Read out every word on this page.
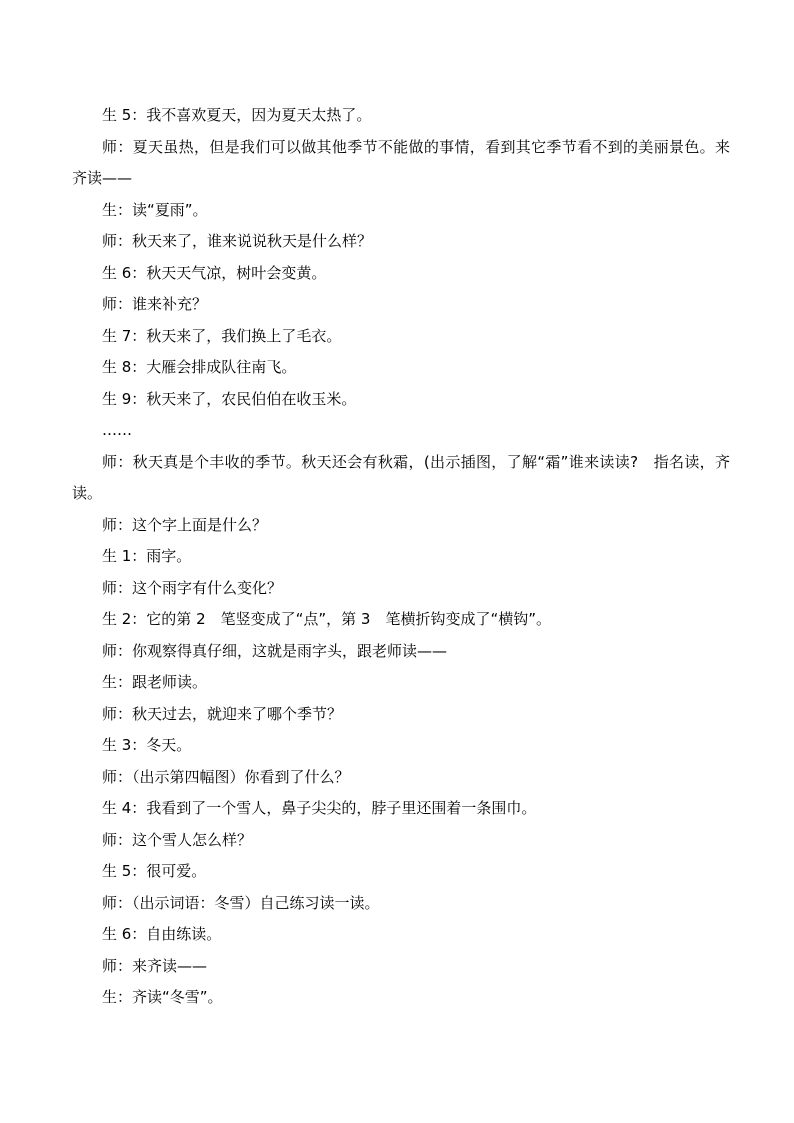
生 5：我不喜欢夏天，因为夏天太热了。

师：夏天虽热，但是我们可以做其他季节不能做的事情，看到其它季节看不到的美丽景色。来齐读——

生：读“夏雨”。

师：秋天来了，谁来说说秋天是什么样？

生 6：秋天天气凉，树叶会变黄。

师：谁来补充？

生 7：秋天来了，我们换上了毛衣。

生 8：大雁会排成队往南飞。

生 9：秋天来了，农民伯伯在收玉米。

……

师：秋天真是个丰收的季节。秋天还会有秋霜，(出示插图，了解“霜”谁来读读?　指名读，齐读。

师：这个字上面是什么？

生 1：雨字。

师：这个雨字有什么变化？

生 2：它的第 2　笔竖变成了“点”，第 3　笔横折钩变成了“横钩”。

师：你观察得真仔细，这就是雨字头，跟老师读——

生：跟老师读。

师：秋天过去，就迎来了哪个季节？

生 3：冬天。

师：（出示第四幅图）你看到了什么？

生 4：我看到了一个雪人，鼻子尖尖的，脖子里还围着一条围巾。

师：这个雪人怎么样？

生 5：很可爱。

师：（出示词语：冬雪）自己练习读一读。

生 6：自由练读。

师：来齐读——

生：齐读“冬雪”。
